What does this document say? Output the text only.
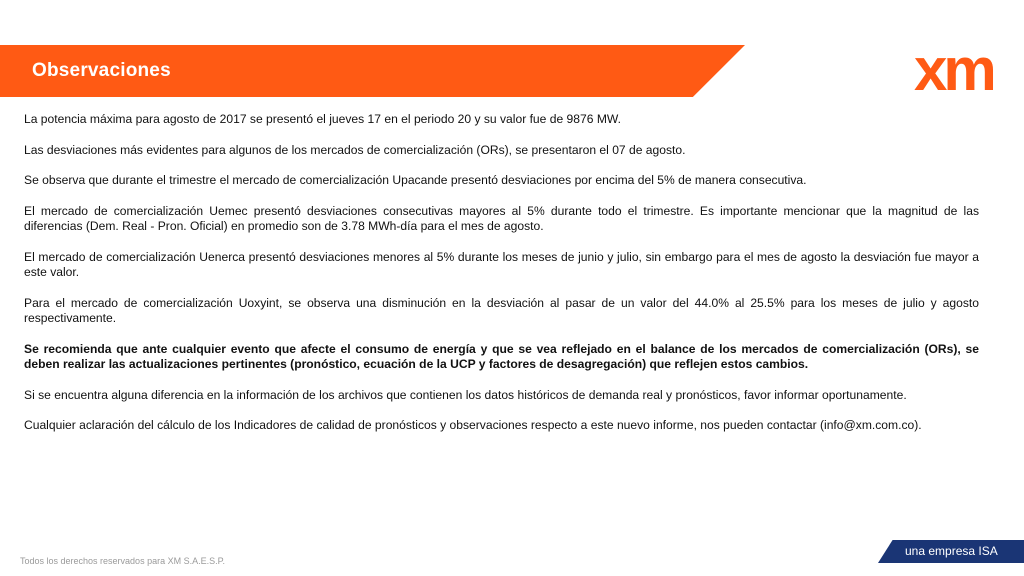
Observaciones	xm

La potencia máxima para agosto de 2017 se presentó el jueves 17 en el periodo 20 y su valor fue de 9876 MW.

Las desviaciones más evidentes para algunos de los mercados de comercialización (ORs), se presentaron el 07 de agosto.

Se observa que durante el trimestre el mercado de comercialización Upacande presentó desviaciones por encima del 5% de manera consecutiva.

El mercado de comercialización Uemec presentó desviaciones consecutivas mayores al 5% durante todo el trimestre. Es importante mencionar que la magnitud de las diferencias (Dem. Real - Pron. Oficial) en promedio son de 3.78 MWh-día para el mes de agosto.

El mercado de comercialización Uenerca presentó desviaciones menores al 5% durante los meses de junio y julio, sin embargo para el mes de agosto la desviación fue mayor a este valor.

Para el mercado de comercialización Uoxyint, se observa una disminución en la desviación al pasar de un valor del 44.0% al 25.5% para los meses de julio y agosto respectivamente.

Se recomienda que ante cualquier evento que afecte el consumo de energía y que se vea reflejado en el balance de los mercados de comercialización (ORs), se deben realizar las actualizaciones pertinentes (pronóstico, ecuación de la UCP y factores de desagregación) que reflejen estos cambios.

Si se encuentra alguna diferencia en la información de los archivos que contienen los datos históricos de demanda real y pronósticos, favor informar oportunamente.

Cualquier aclaración del cálculo de los Indicadores de calidad de pronósticos y observaciones respecto a este nuevo informe, nos pueden contactar (info@xm.com.co).

Todos los derechos reservados para XM S.A.E.S.P.
una empresa ISA
